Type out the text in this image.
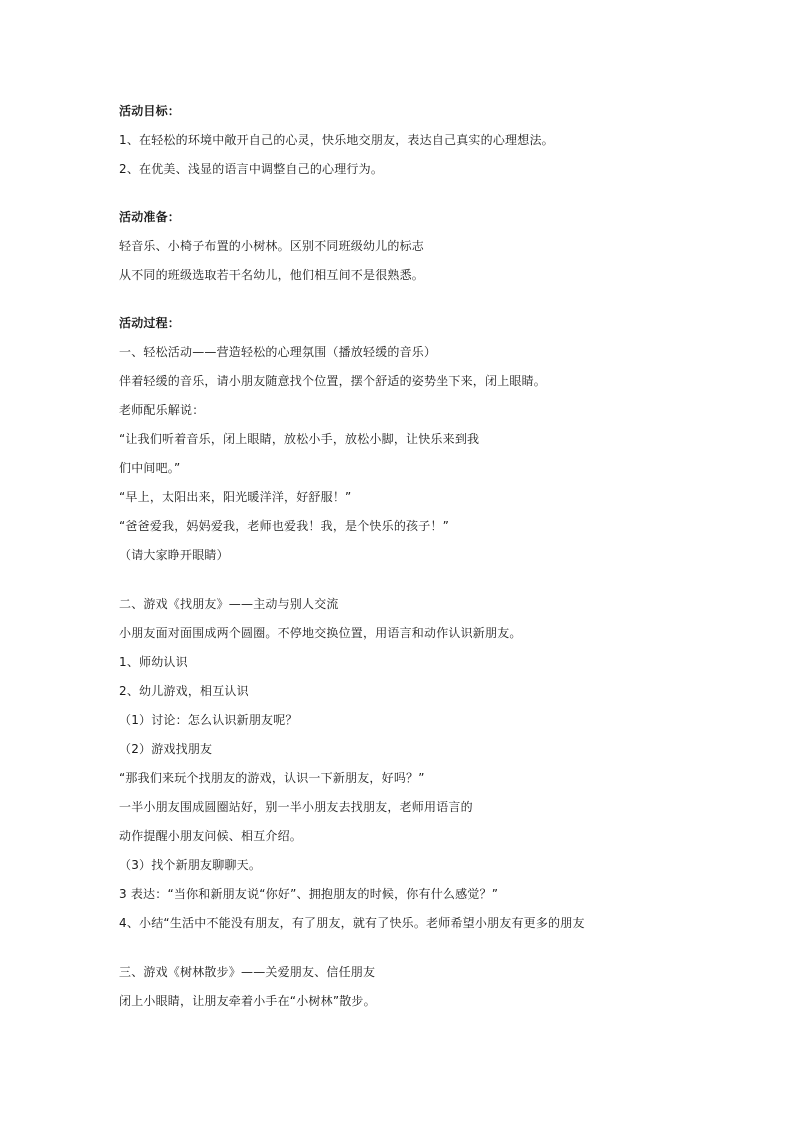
活动目标：
1、在轻松的环境中敞开自己的心灵，快乐地交朋友，表达自己真实的心理想法。
2、在优美、浅显的语言中调整自己的心理行为。
活动准备：
轻音乐、小椅子布置的小树林。区别不同班级幼儿的标志
从不同的班级选取若干名幼儿，他们相互间不是很熟悉。
活动过程：
一、轻松活动——营造轻松的心理氛围（播放轻缓的音乐）
伴着轻缓的音乐，请小朋友随意找个位置，摆个舒适的姿势坐下来，闭上眼睛。
老师配乐解说：
“让我们听着音乐，闭上眼睛，放松小手，放松小脚，让快乐来到我
们中间吧。”
“早上，太阳出来，阳光暖洋洋，好舒服！”
“爸爸爱我，妈妈爱我，老师也爱我！我，是个快乐的孩子！”
（请大家睁开眼睛）
二、游戏《找朋友》——主动与别人交流
小朋友面对面围成两个圆圈。不停地交换位置，用语言和动作认识新朋友。
1、师幼认识
2、幼儿游戏，相互认识
（1）讨论：怎么认识新朋友呢？
（2）游戏找朋友
“那我们来玩个找朋友的游戏，认识一下新朋友，好吗？”
一半小朋友围成圆圈站好，别一半小朋友去找朋友，老师用语言的
动作提醒小朋友问候、相互介绍。
（3）找个新朋友聊聊天。
3 表达：“当你和新朋友说“你好”、拥抱朋友的时候，你有什么感觉？”
4、小结“生活中不能没有朋友，有了朋友，就有了快乐。老师希望小朋友有更多的朋友
三、游戏《树林散步》——关爱朋友、信任朋友
闭上小眼睛，让朋友牵着小手在“小树林”散步。
